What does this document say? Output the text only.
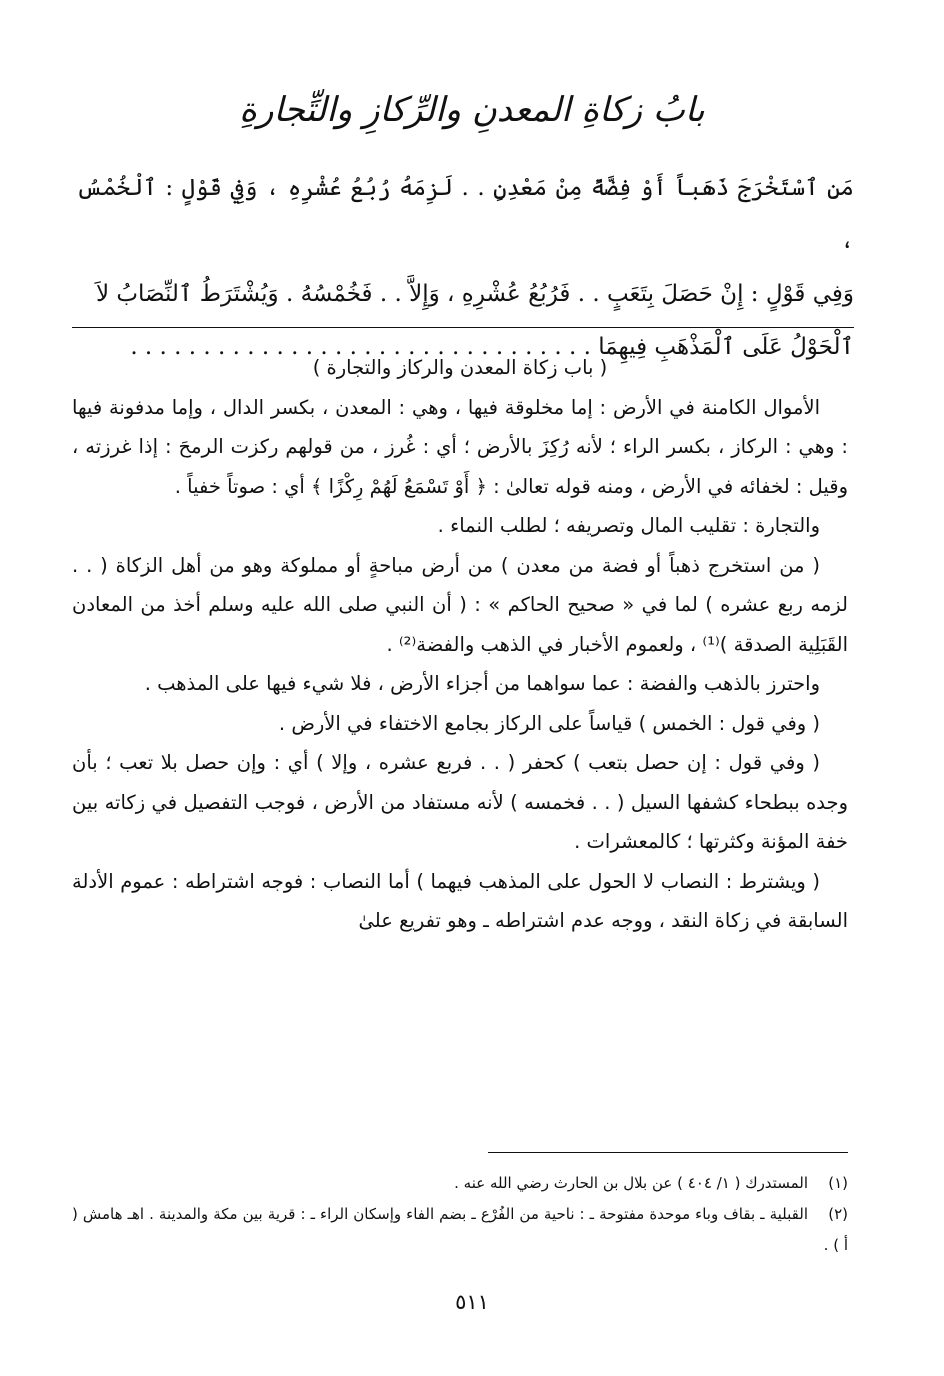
بابُ زكاةِ المعدنِ والرِّكازِ والتِّجارةِ

مَنِ ٱسْتَخْرَجَ ذَهَباً أَوْ فِضَّةً مِنْ مَعْدِنٍ . . لَزِمَهُ رُبُعُ عُشْرِهِ ، وَفِي قَوْلٍ : ٱلْخُمْسُ ،

وَفِي قَوْلٍ : إِنْ حَصَلَ بِتَعَبٍ . . فَرُبُعُ عُشْرِهِ ، وَإِلاَّ . . فَخُمْسُهُ . وَيُشْتَرَطُ ٱلنِّصَابُ لاَ

ٱلْحَوْلُ عَلَى ٱلْمَذْهَبِ فِيهِمَا . . . . . . . . . . . . . . . . . . . . . . . . . . . . . . . .

( باب زكاة المعدن والركاز والتجارة )

الأموال الكامنة في الأرض : إما مخلوقة فيها ، وهي : المعدن ، بكسر الدال ، وإما مدفونة فيها : وهي : الركاز ، بكسر الراء ؛ لأنه رُكِزَ بالأرض ؛ أي : غُرز ، من قولهم ركزت الرمحَ : إذا غرزته ، وقيل : لخفائه في الأرض ، ومنه قوله تعالىٰ : ﴿ أَوْ تَسْمَعُ لَهُمْ رِكْزًا ﴾ أي : صوتاً خفياً .

والتجارة : تقليب المال وتصريفه ؛ لطلب النماء .

( من استخرج ذهباً أو فضة من معدن ) من أرض مباحةٍ أو مملوكة وهو من أهل الزكاة ( . . لزمه ربع عشره ) لما في « صحيح الحاكم » : ( أن النبي صلى الله عليه وسلم أخذ من المعادن القَبَلِية الصدقة )⁽¹⁾ ، ولعموم الأخبار في الذهب والفضة⁽²⁾ .

واحترز بالذهب والفضة : عما سواهما من أجزاء الأرض ، فلا شيء فيها على المذهب .

( وفي قول : الخمس ) قياساً على الركاز بجامع الاختفاء في الأرض .

( وفي قول : إن حصل بتعب ) كحفر ( . . فربع عشره ، وإلا ) أي : وإن حصل بلا تعب ؛ بأن وجده ببطحاء كشفها السيل ( . . فخمسه ) لأنه مستفاد من الأرض ، فوجب التفصيل في زكاته بين خفة المؤنة وكثرتها ؛ كالمعشرات .

( ويشترط : النصاب لا الحول على المذهب فيهما ) أما النصاب : فوجه اشتراطه : عموم الأدلة السابقة في زكاة النقد ، ووجه عدم اشتراطه ـ وهو تفريع علىٰ

(١)المستدرك ( ١/ ٤٠٤ ) عن بلال بن الحارث رضي الله عنه .

(٢)القبلية ـ بقاف وباء موحدة مفتوحة ـ : ناحية من الفُرْع ـ بضم الفاء وإسكان الراء ـ : قرية بين مكة والمدينة . اهـ هامش ( أ ) .

٥١١
